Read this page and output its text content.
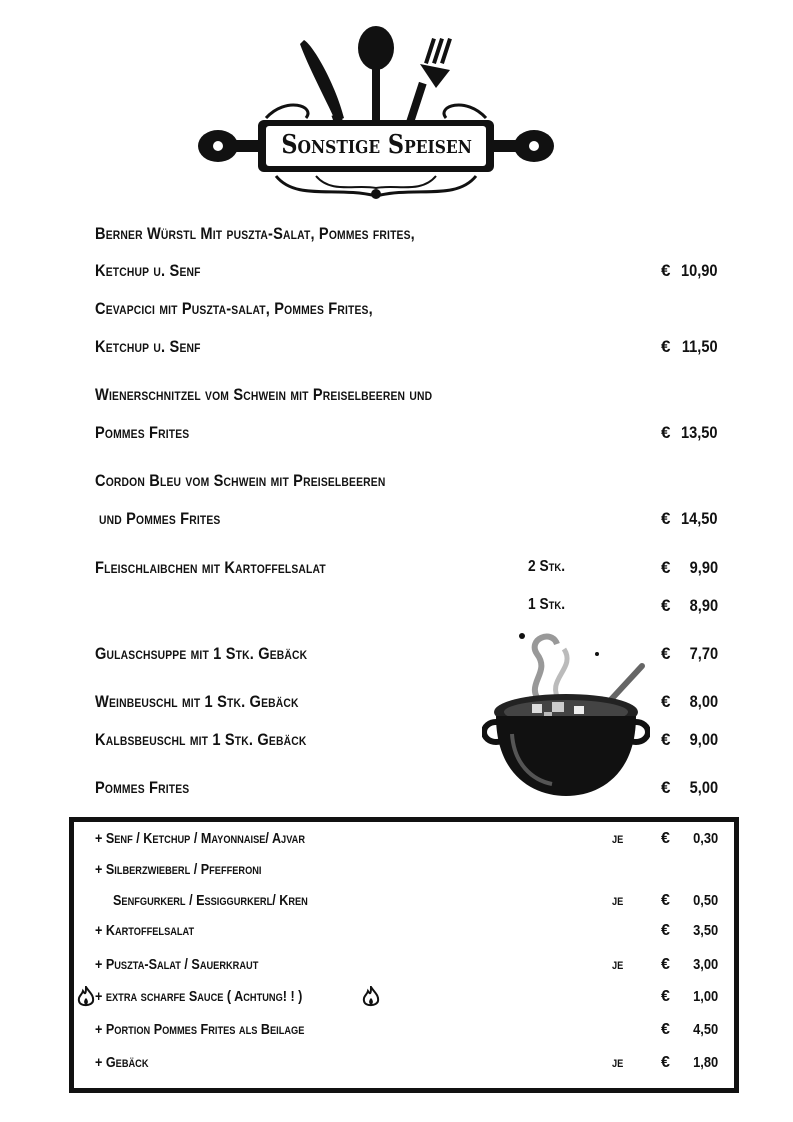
Sonstige Speisen
Berner Würstl Mit puszta-Salat, Pommes frites,
Ketchup u. Senf	€ 10,90
Cevapcici mit Puszta-salat, Pommes Frites,
Ketchup u. Senf	€ 11,50
Wienerschnitzel vom Schwein mit Preiselbeeren und
Pommes Frites	€ 13,50
Cordon Bleu vom Schwein mit Preiselbeeren
und Pommes Frites	€ 14,50
Fleischlaibchen mit Kartoffelsalat	2 Stk.	€ 9,90
1 Stk.	€ 8,90
Gulaschsuppe mit 1 Stk. Gebäck	€ 7,70
Weinbeuschl mit 1 Stk. Gebäck	€ 8,00
Kalbsbeuschl mit 1 Stk. Gebäck	€ 9,00
Pommes Frites	€ 5,00
+ Senf / Ketchup / Mayonnaise/ Ajvar	je € 0,30
+ Silberzwieberl / Pfefferoni
Senfgurkerl / Essiggurkerl/ Kren	je € 0,50
+ Kartoffelsalat	€ 3,50
+ Puszta-Salat / Sauerkraut	je € 3,00
+ extra scharfe Sauce ( Achtung! ! )	€ 1,00
+ Portion Pommes Frites als Beilage	€ 4,50
+ Gebäck	je € 1,80
